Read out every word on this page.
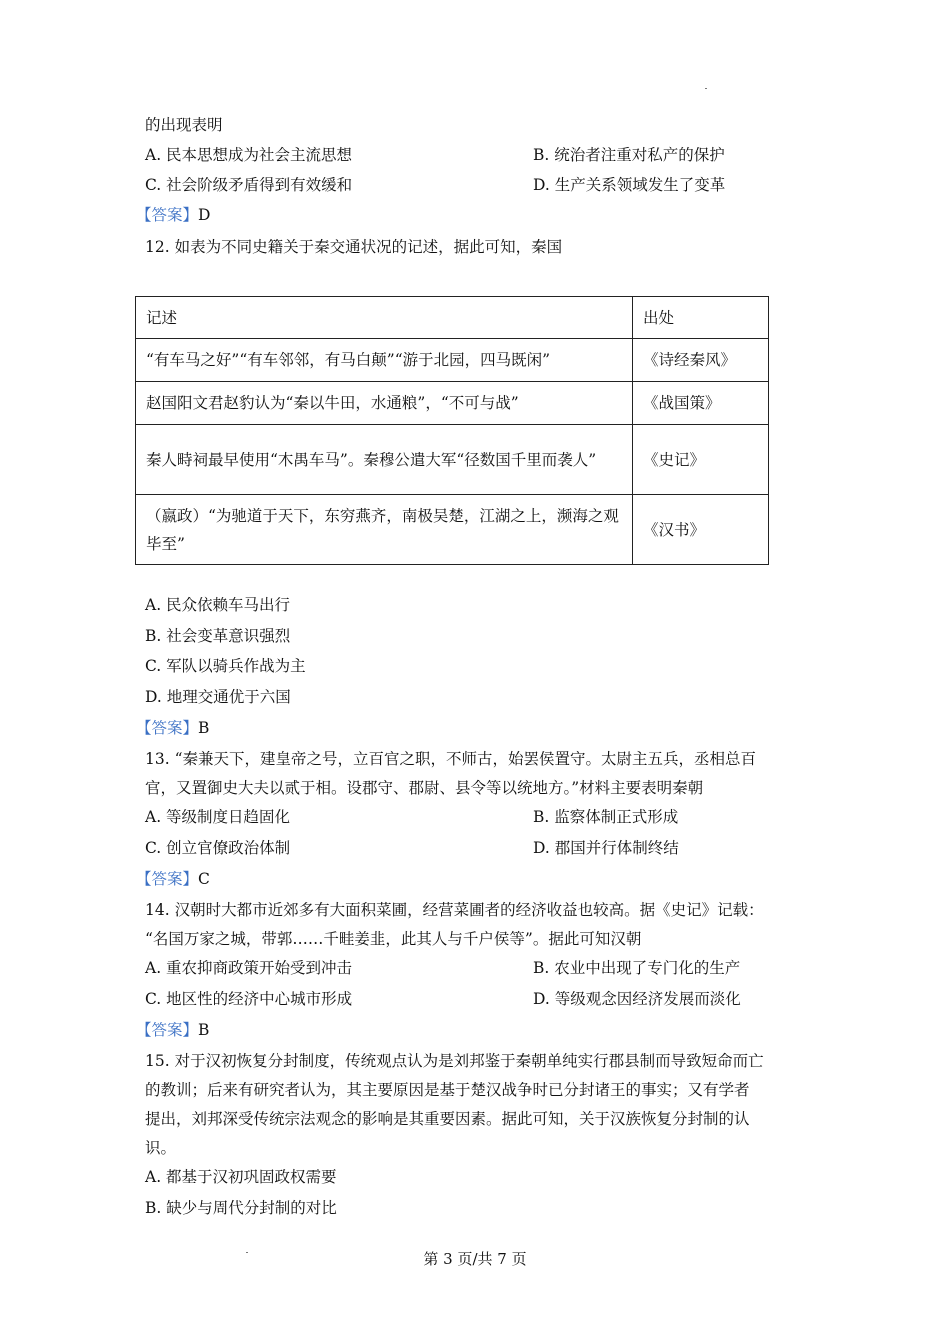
的出现表明
A. 民本思想成为社会主流思想	B. 统治者注重对私产的保护
C. 社会阶级矛盾得到有效缓和	D. 生产关系领域发生了变革
【答案】D
12. 如表为不同史籍关于秦交通状况的记述，据此可知，秦国
记述	出处
“有车马之好”“有车邻邻，有马白颠”“游于北园，四马既闲”	《诗经秦风》
赵国阳文君赵豹认为“秦以牛田，水通粮”，“不可与战”	《战国策》
秦人畤祠最早使用“木禺车马”。秦穆公遣大军“径数国千里而袭人”	《史记》
（嬴政）“为驰道于天下，东穷燕齐，南极吴楚，江湖之上，濒海之观毕至”	《汉书》
A. 民众依赖车马出行
B. 社会变革意识强烈
C. 军队以骑兵作战为主
D. 地理交通优于六国
【答案】B
13. “秦兼天下，建皇帝之号，立百官之职，不师古，始罢侯置守。太尉主五兵，丞相总百
官，又置御史大夫以贰于相。设郡守、郡尉、县令等以统地方。”材料主要表明秦朝
A. 等级制度日趋固化	B. 监察体制正式形成
C. 创立官僚政治体制	D. 郡国并行体制终结
【答案】C
14. 汉朝时大都市近郊多有大面积菜圃，经营菜圃者的经济收益也较高。据《史记》记载：
“名国万家之城，带郭……千畦姜韭，此其人与千户侯等”。据此可知汉朝
A. 重农抑商政策开始受到冲击	B. 农业中出现了专门化的生产
C. 地区性的经济中心城市形成	D. 等级观念因经济发展而淡化
【答案】B
15. 对于汉初恢复分封制度，传统观点认为是刘邦鉴于秦朝单纯实行郡县制而导致短命而亡
的教训；后来有研究者认为，其主要原因是基于楚汉战争时已分封诸王的事实；又有学者
提出，刘邦深受传统宗法观念的影响是其重要因素。据此可知，关于汉族恢复分封制的认
识。
A. 都基于汉初巩固政权需要
B. 缺少与周代分封制的对比
第 3 页/共 7 页
